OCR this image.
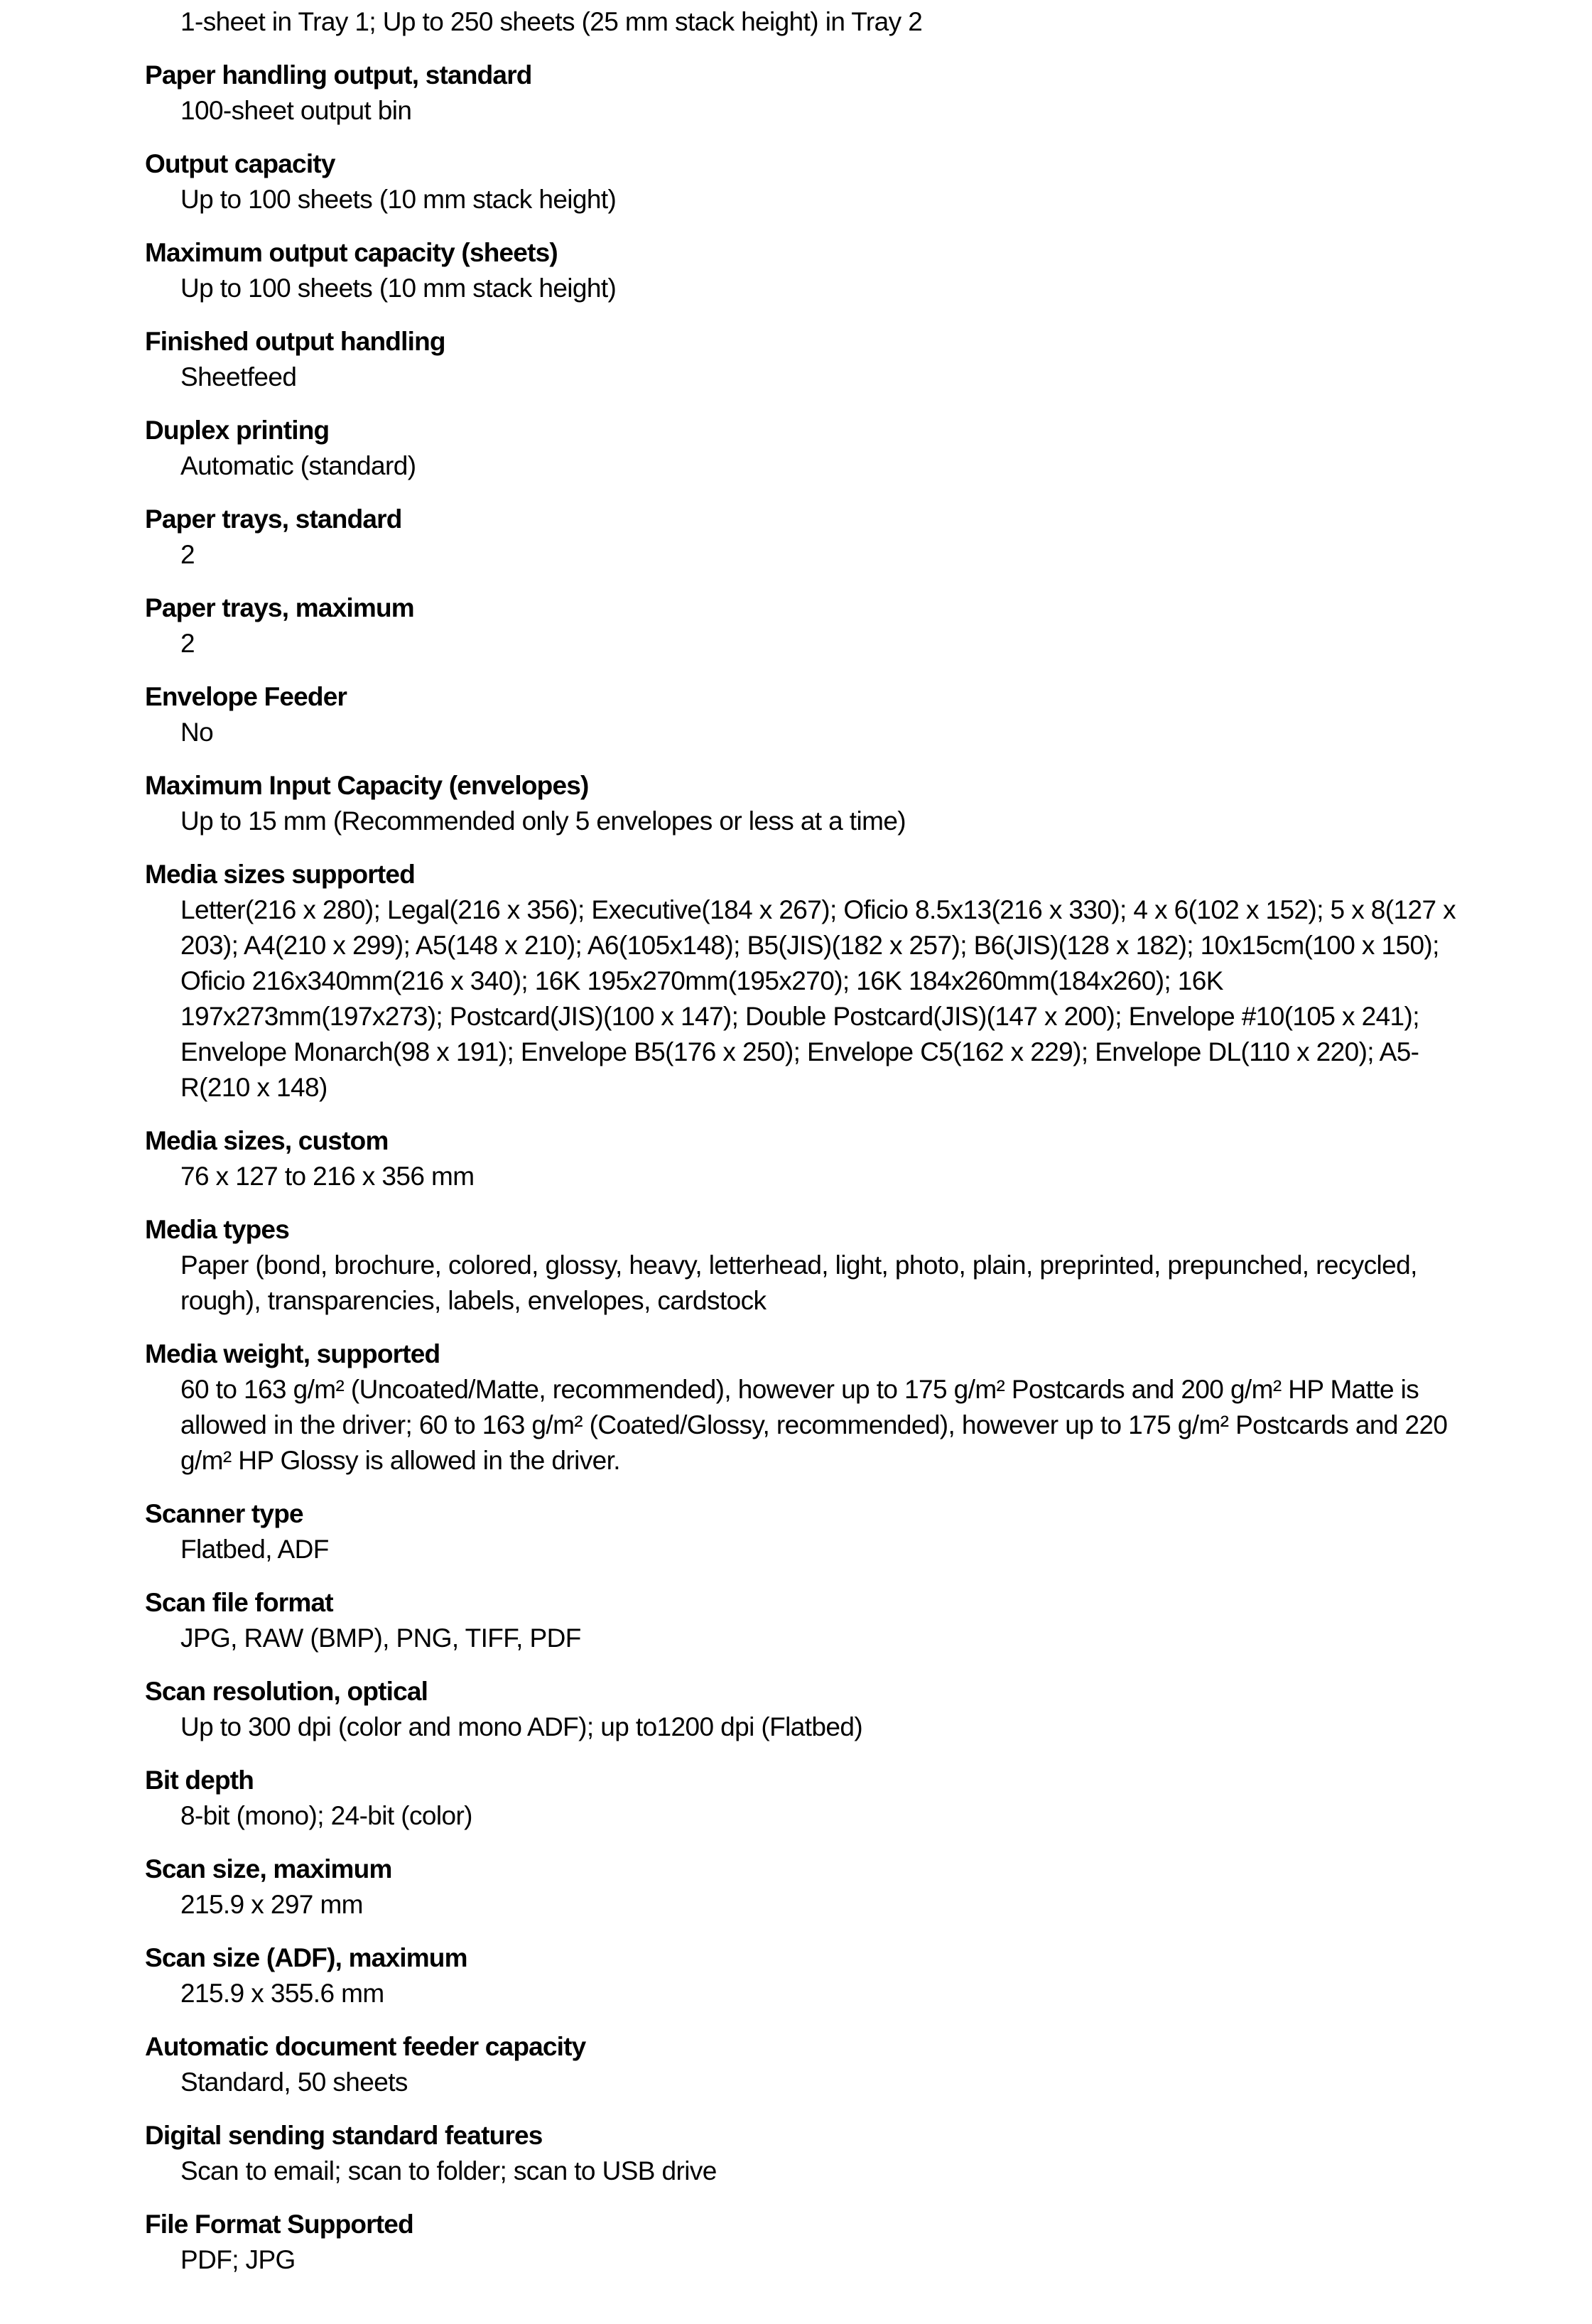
1-sheet in Tray 1; Up to 250 sheets (25 mm stack height) in Tray 2
Paper handling output, standard
100-sheet output bin
Output capacity
Up to 100 sheets (10 mm stack height)
Maximum output capacity (sheets)
Up to 100 sheets (10 mm stack height)
Finished output handling
Sheetfeed
Duplex printing
Automatic (standard)
Paper trays, standard
2
Paper trays, maximum
2
Envelope Feeder
No
Maximum Input Capacity (envelopes)
Up to 15 mm (Recommended only 5 envelopes or less at a time)
Media sizes supported
Letter(216 x 280); Legal(216 x 356); Executive(184 x 267); Oficio 8.5x13(216 x 330); 4 x 6(102 x 152); 5 x 8(127 x 203); A4(210 x 299); A5(148 x 210); A6(105x148); B5(JIS)(182 x 257); B6(JIS)(128 x 182); 10x15cm(100 x 150); Oficio 216x340mm(216 x 340); 16K 195x270mm(195x270); 16K 184x260mm(184x260); 16K 197x273mm(197x273); Postcard(JIS)(100 x 147); Double Postcard(JIS)(147 x 200); Envelope #10(105 x 241); Envelope Monarch(98 x 191); Envelope B5(176 x 250); Envelope C5(162 x 229); Envelope DL(110 x 220); A5-R(210 x 148)
Media sizes, custom
76 x 127 to 216 x 356 mm
Media types
Paper (bond, brochure, colored, glossy, heavy, letterhead, light, photo, plain, preprinted, prepunched, recycled, rough), transparencies, labels, envelopes, cardstock
Media weight, supported
60 to 163 g/m² (Uncoated/Matte, recommended), however up to 175 g/m² Postcards and 200 g/m² HP Matte is allowed in the driver; 60 to 163 g/m² (Coated/Glossy, recommended), however up to 175 g/m² Postcards and 220 g/m² HP Glossy is allowed in the driver.
Scanner type
Flatbed, ADF
Scan file format
JPG, RAW (BMP), PNG, TIFF, PDF
Scan resolution, optical
Up to 300 dpi (color and mono ADF); up to1200 dpi (Flatbed)
Bit depth
8-bit (mono); 24-bit (color)
Scan size, maximum
215.9 x 297 mm
Scan size (ADF), maximum
215.9 x 355.6 mm
Automatic document feeder capacity
Standard, 50 sheets
Digital sending standard features
Scan to email; scan to folder; scan to USB drive
File Format Supported
PDF; JPG
